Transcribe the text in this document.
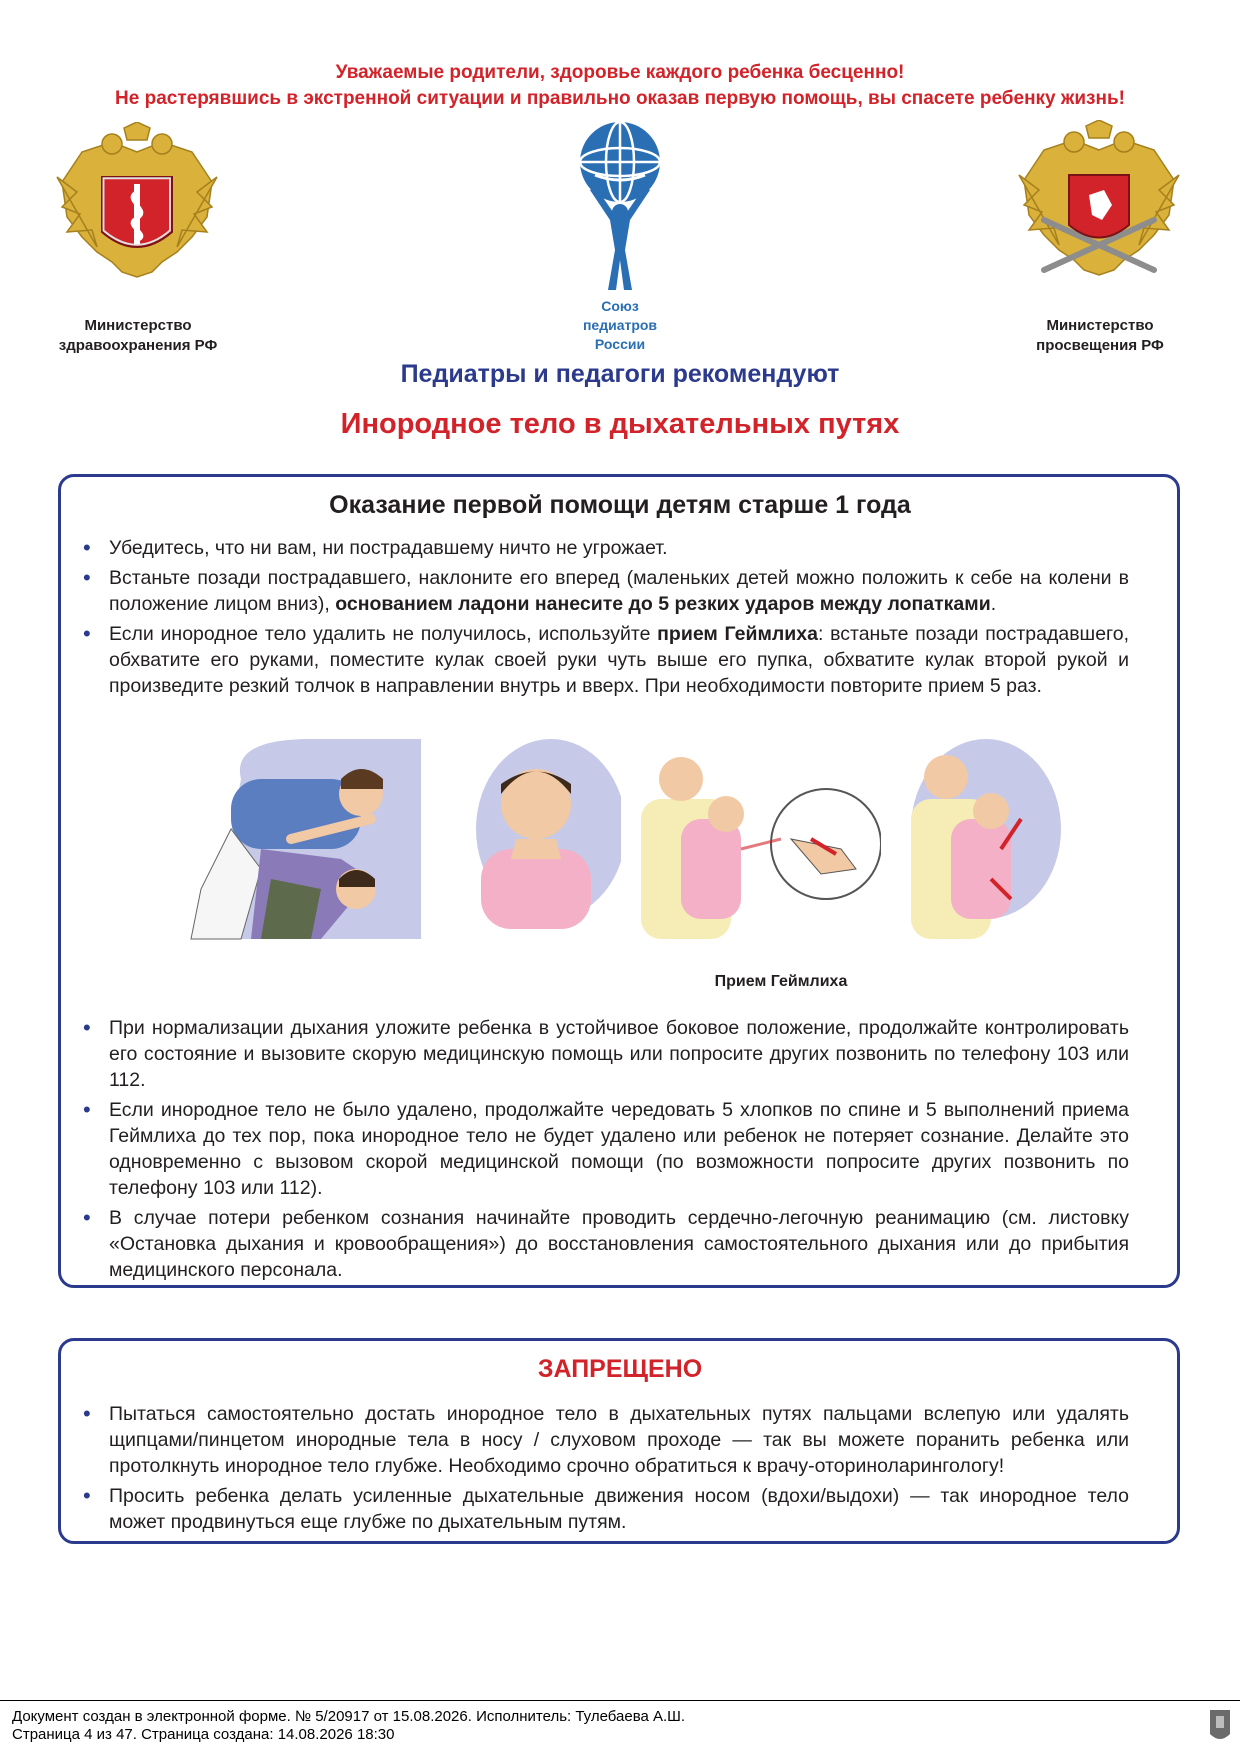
Уважаемые родители, здоровье каждого ребенка бесценно!
Не растерявшись в экстренной ситуации и правильно оказав первую помощь, вы спасете ребенку жизнь!
Министерство
здравоохранения РФ
Союз
педиатров
России
Министерство
просвещения РФ
Педиатры и педагоги рекомендуют
Инородное тело в дыхательных путях
Оказание первой помощи детям старше 1 года
• Убедитесь, что ни вам, ни пострадавшему ничто не угрожает.
• Встаньте позади пострадавшего, наклоните его вперед (маленьких детей можно положить к себе на колени в положение лицом вниз), основанием ладони нанесите до 5 резких ударов между лопатками.
• Если инородное тело удалить не получилось, используйте прием Геймлиха: встаньте позади пострадавшего, обхватите его руками, поместите кулак своей руки чуть выше его пупка, обхватите кулак второй рукой и произведите резкий толчок в направлении внутрь и вверх. При необходимости повторите прием 5 раз.
Прием Геймлиха
• При нормализации дыхания уложите ребенка в устойчивое боковое положение, продолжайте контролировать его состояние и вызовите скорую медицинскую помощь или попросите других позвонить по телефону 103 или 112.
• Если инородное тело не было удалено, продолжайте чередовать 5 хлопков по спине и 5 выполнений приема Геймлиха до тех пор, пока инородное тело не будет удалено или ребенок не потеряет сознание. Делайте это одновременно с вызовом скорой медицинской помощи (по возможности попросите других позвонить по телефону 103 или 112).
• В случае потери ребенком сознания начинайте проводить сердечно-легочную реанимацию (см. листовку «Остановка дыхания и кровообращения») до восстановления самостоятельного дыхания или до прибытия медицинского персонала.
ЗАПРЕЩЕНО
• Пытаться самостоятельно достать инородное тело в дыхательных путях пальцами вслепую или удалять щипцами/пинцетом инородные тела в носу / слуховом проходе — так вы можете поранить ребенка или протолкнуть инородное тело глубже. Необходимо срочно обратиться к врачу-оториноларингологу!
• Просить ребенка делать усиленные дыхательные движения носом (вдохи/выдохи) — так инородное тело может продвинуться еще глубже по дыхательным путям.
Документ создан в электронной форме. № 5/20917 от 15.08.2026. Исполнитель: Тулебаева А.Ш.
Страница 4 из 47. Страница создана: 14.08.2026 18:30
